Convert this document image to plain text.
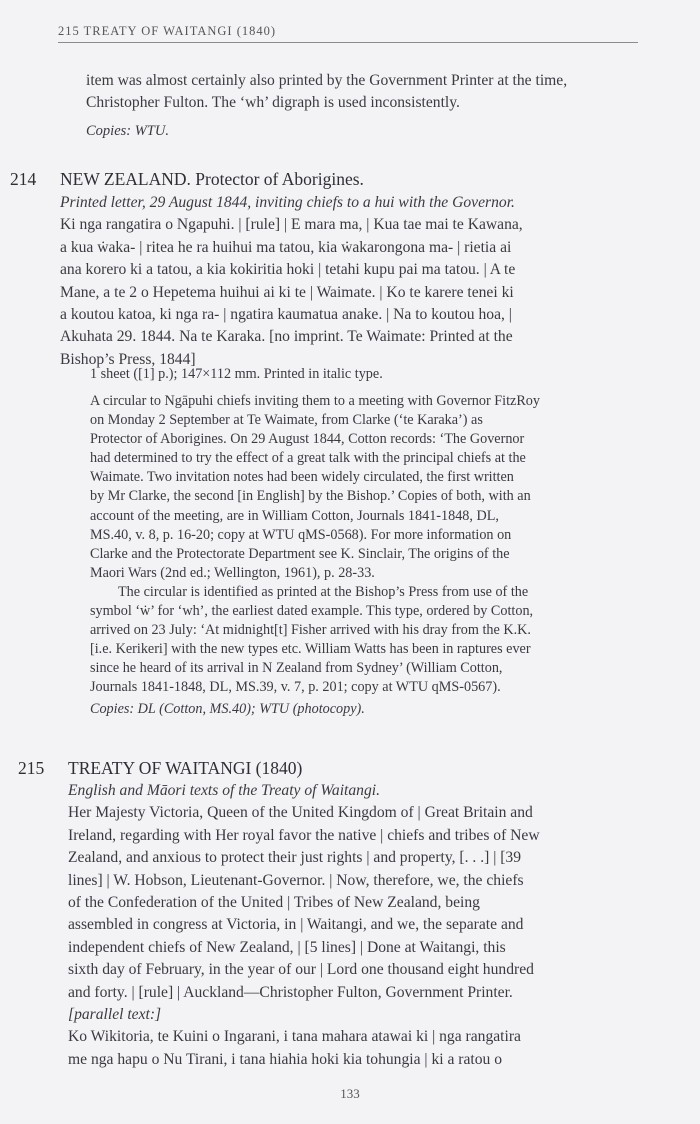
215 TREATY OF WAITANGI (1840)

item was almost certainly also printed by the Government Printer at the time,
Christopher Fulton. The ‘wh’ digraph is used inconsistently.

Copies: WTU.

214 NEW ZEALAND. Protector of Aborigines.

Printed letter, 29 August 1844, inviting chiefs to a hui with the Governor.

Ki nga rangatira o Ngapuhi. | [rule] | E mara ma, | Kua tae mai te Kawana,
a kua ẇaka- | ritea he ra huihui ma tatou, kia ẇakarongona ma- | rietia ai
ana korero ki a tatou, a kia kokiritia hoki | tetahi kupu pai ma tatou. | A te
Mane, a te 2 o Hepetema huihui ai ki te | Waimate. | Ko te karere tenei ki
a koutou katoa, ki nga ra- | ngatira kaumatua anake. | Na to koutou hoa, |
Akuhata 29. 1844. Na te Karaka. [no imprint. Te Waimate: Printed at the
Bishop’s Press, 1844]

1 sheet ([1] p.); 147×112 mm. Printed in italic type.

A circular to Ngāpuhi chiefs inviting them to a meeting with Governor FitzRoy
on Monday 2 September at Te Waimate, from Clarke (‘te Karaka’) as
Protector of Aborigines. On 29 August 1844, Cotton records: ‘The Governor
had determined to try the effect of a great talk with the principal chiefs at the
Waimate. Two invitation notes had been widely circulated, the first written
by Mr Clarke, the second [in English] by the Bishop.’ Copies of both, with an
account of the meeting, are in William Cotton, Journals 1841-1848, DL,
MS.40, v. 8, p. 16-20; copy at WTU qMS-0568). For more information on
Clarke and the Protectorate Department see K. Sinclair, The origins of the
Maori Wars (2nd ed.; Wellington, 1961), p. 28-33.

The circular is identified as printed at the Bishop’s Press from use of the
symbol ‘ẇ’ for ‘wh’, the earliest dated example. This type, ordered by Cotton,
arrived on 23 July: ‘At midnight[t] Fisher arrived with his dray from the K.K.
[i.e. Kerikeri] with the new types etc. William Watts has been in raptures ever
since he heard of its arrival in N Zealand from Sydney’ (William Cotton,
Journals 1841-1848, DL, MS.39, v. 7, p. 201; copy at WTU qMS-0567).

Copies: DL (Cotton, MS.40); WTU (photocopy).

215 TREATY OF WAITANGI (1840)

English and Māori texts of the Treaty of Waitangi.

Her Majesty Victoria, Queen of the United Kingdom of | Great Britain and
Ireland, regarding with Her royal favor the native | chiefs and tribes of New
Zealand, and anxious to protect their just rights | and property, [. . .] | [39
lines] | W. Hobson, Lieutenant-Governor. | Now, therefore, we, the chiefs
of the Confederation of the United | Tribes of New Zealand, being
assembled in congress at Victoria, in | Waitangi, and we, the separate and
independent chiefs of New Zealand, | [5 lines] | Done at Waitangi, this
sixth day of February, in the year of our | Lord one thousand eight hundred
and forty. | [rule] | Auckland—Christopher Fulton, Government Printer.
[parallel text:]
Ko Wikitoria, te Kuini o Ingarani, i tana mahara atawai ki | nga rangatira
me nga hapu o Nu Tirani, i tana hiahia hoki kia tohungia | ki a ratou o

133
